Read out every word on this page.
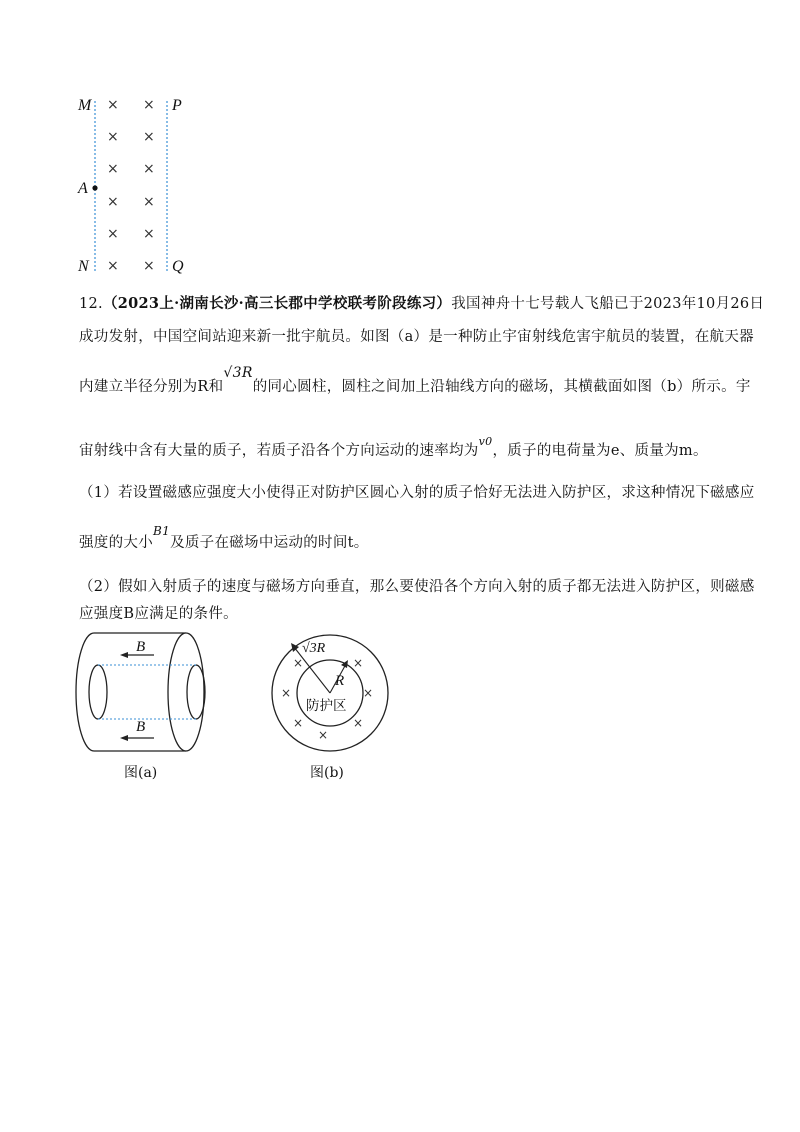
M	P
A
N	Q
× ×
× ×
× ×
× ×
× ×
× ×
12.（2023上·湖南长沙·高三长郡中学校联考阶段练习）我国神舟十七号载人飞船已于2023年10月26日
成功发射，中国空间站迎来新一批宇航员。如图（a）是一种防止宇宙射线危害宇航员的装置，在航天器
内建立半径分别为R和√3R的同心圆柱，圆柱之间加上沿轴线方向的磁场，其横截面如图（b）所示。宇
宙射线中含有大量的质子，若质子沿各个方向运动的速率均为$^{v0}$，质子的电荷量为e、质量为m。
（1）若设置磁感应强度大小使得正对防护区圆心入射的质子恰好无法进入防护区，求这种情况下磁感应
强度的大小$^{B1}$及质子在磁场中运动的时间t。
（2）假如入射质子的速度与磁场方向垂直，那么要使沿各个方向入射的质子都无法进入防护区，则磁感
应强度B应满足的条件。
B
B
图(a)
×	×
×	×
×	×
×
√3R
R
防护区
图(b)
